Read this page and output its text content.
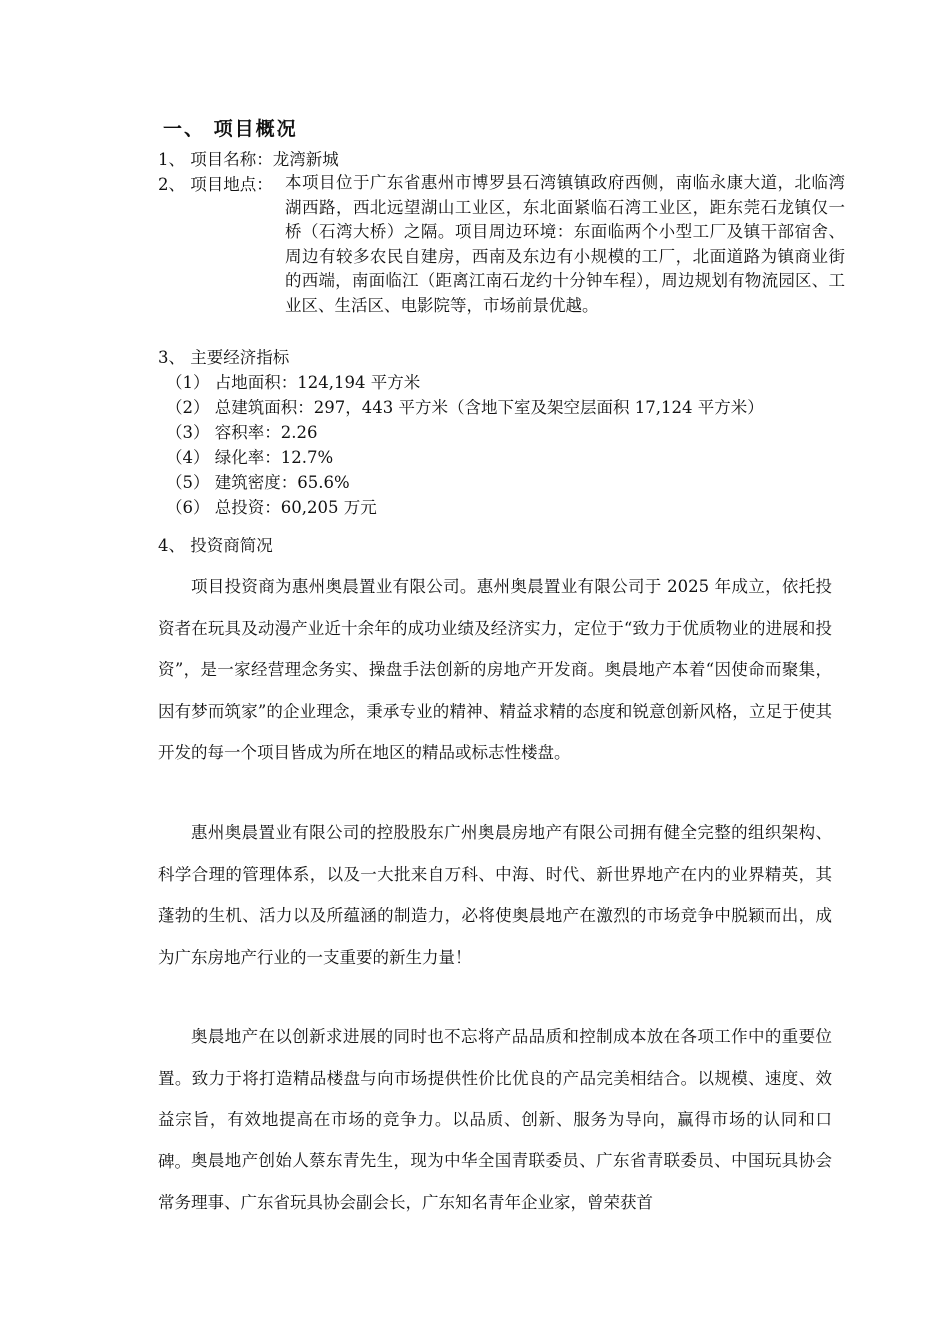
一、 项目概况
1、 项目名称：龙湾新城
2、 项目地点： 本项目位于广东省惠州市博罗县石湾镇镇政府西侧，南临永康大道，北临湾湖西路，西北远望湖山工业区，东北面紧临石湾工业区，距东莞石龙镇仅一桥（石湾大桥）之隔。项目周边环境：东面临两个小型工厂及镇干部宿舍、周边有较多农民自建房，西南及东边有小规模的工厂，北面道路为镇商业街的西端，南面临江（距离江南石龙约十分钟车程），周边规划有物流园区、工业区、生活区、电影院等，市场前景优越。
3、 主要经济指标
（1） 占地面积：124,194 平方米
（2） 总建筑面积：297，443 平方米（含地下室及架空层面积 17,124 平方米）
（3） 容积率：2.26
（4） 绿化率：12.7%
（5） 建筑密度：65.6%
（6） 总投资：60,205 万元
4、 投资商简况
项目投资商为惠州奥晨置业有限公司。惠州奥晨置业有限公司于 2025 年成立，依托投资者在玩具及动漫产业近十余年的成功业绩及经济实力，定位于“致力于优质物业的进展和投资”，是一家经营理念务实、操盘手法创新的房地产开发商。奥晨地产本着“因使命而聚集，因有梦而筑家”的企业理念，秉承专业的精神、精益求精的态度和锐意创新风格，立足于使其开发的每一个项目皆成为所在地区的精品或标志性楼盘。
惠州奥晨置业有限公司的控股股东广州奥晨房地产有限公司拥有健全完整的组织架构、科学合理的管理体系，以及一大批来自万科、中海、时代、新世界地产在内的业界精英，其蓬勃的生机、活力以及所蕴涵的制造力，必将使奥晨地产在激烈的市场竞争中脱颖而出，成为广东房地产行业的一支重要的新生力量！
奥晨地产在以创新求进展的同时也不忘将产品品质和控制成本放在各项工作中的重要位置。致力于将打造精品楼盘与向市场提供性价比优良的产品完美相结合。以规模、速度、效益宗旨，有效地提高在市场的竞争力。以品质、创新、服务为导向，赢得市场的认同和口碑。 奥晨地产创始人蔡东青先生，现为中华全国青联委员、广东省青联委员、中国玩具协会常务理事、广东省玩具协会副会长，广东知名青年企业家，曾荣获首
